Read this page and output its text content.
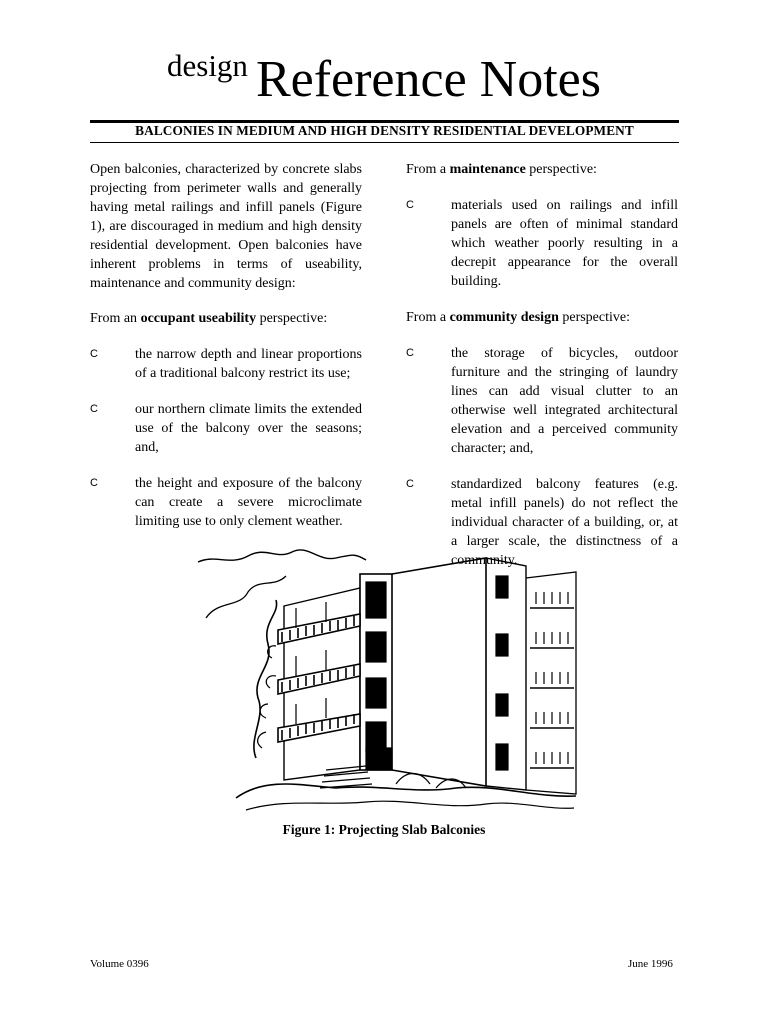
design Reference Notes
BALCONIES IN MEDIUM AND HIGH DENSITY RESIDENTIAL DEVELOPMENT

Open balconies, characterized by concrete slabs projecting from perimeter walls and generally having metal railings and infill panels (Figure 1), are discouraged in medium and high density residential development. Open balconies have inherent problems in terms of useability, maintenance and community design:

From an occupant useability perspective:

C	the narrow depth and linear proportions of a traditional balcony restrict its use;
C	our northern climate limits the extended use of the balcony over the seasons; and,
C	the height and exposure of the balcony can create a severe microclimate limiting use to only clement weather.

From a maintenance perspective:

C	materials used on railings and infill panels are often of minimal standard which weather poorly resulting in a decrepit appearance for the overall building.

From a community design perspective:

C	the storage of bicycles, outdoor furniture and the stringing of laundry lines can add visual clutter to an otherwise well integrated architectural elevation and a perceived community character; and,
C	standardized balcony features (e.g. metal infill panels) do not reflect the individual character of a building, or, at a larger scale, the distinctness of a community.
Figure 1: Projecting Slab Balconies
Volume 0396	June 1996
